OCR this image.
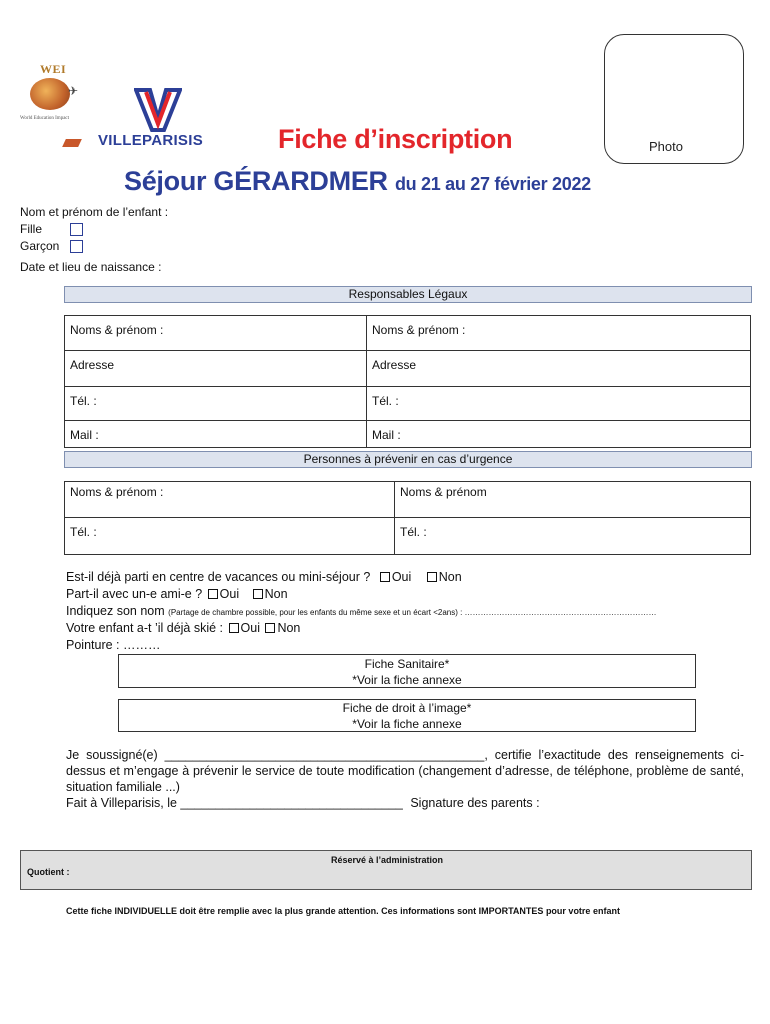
WEI
✈
World Education Impact
VILLEPARISIS	Fiche d’inscription	Photo
Séjour GÉRARDMER du 21 au 27 février 2022
Nom et prénom de l’enfant :
Fille
Garçon
Date et lieu de naissance :
Responsables Légaux
Noms & prénom :	Noms & prénom :
Adresse	Adresse
Tél. :	Tél. :
Mail :	Mail :
Personnes à prévenir en cas d’urgence
Noms & prénom :	Noms & prénom
Tél. :	Tél. :
Est-il déjà parti en centre de vacances ou mini-séjour ? Oui Non
Part-il avec un-e ami-e ? Oui Non
Indiquez son nom (Partage de chambre possible, pour les enfants du même sexe et un écart <2ans) : ………………………………………………………………
Votre enfant a-t ’il déjà skié : Oui Non
Pointure : ………
Fiche Sanitaire*
*Voir la fiche annexe
Fiche de droit à l’image*
*Voir la fiche annexe
Je soussigné(e) ______________________________________________, certifie l’exactitude des renseignements ci-dessus et m’engage à prévenir le service de toute modification (changement d’adresse, de téléphone, problème de santé, situation familiale ...)
Fait à Villeparisis, le ________________________________ Signature des parents :
Réservé à l’administration
Quotient :
Cette fiche INDIVIDUELLE doit être remplie avec la plus grande attention. Ces informations sont IMPORTANTES pour votre enfant
